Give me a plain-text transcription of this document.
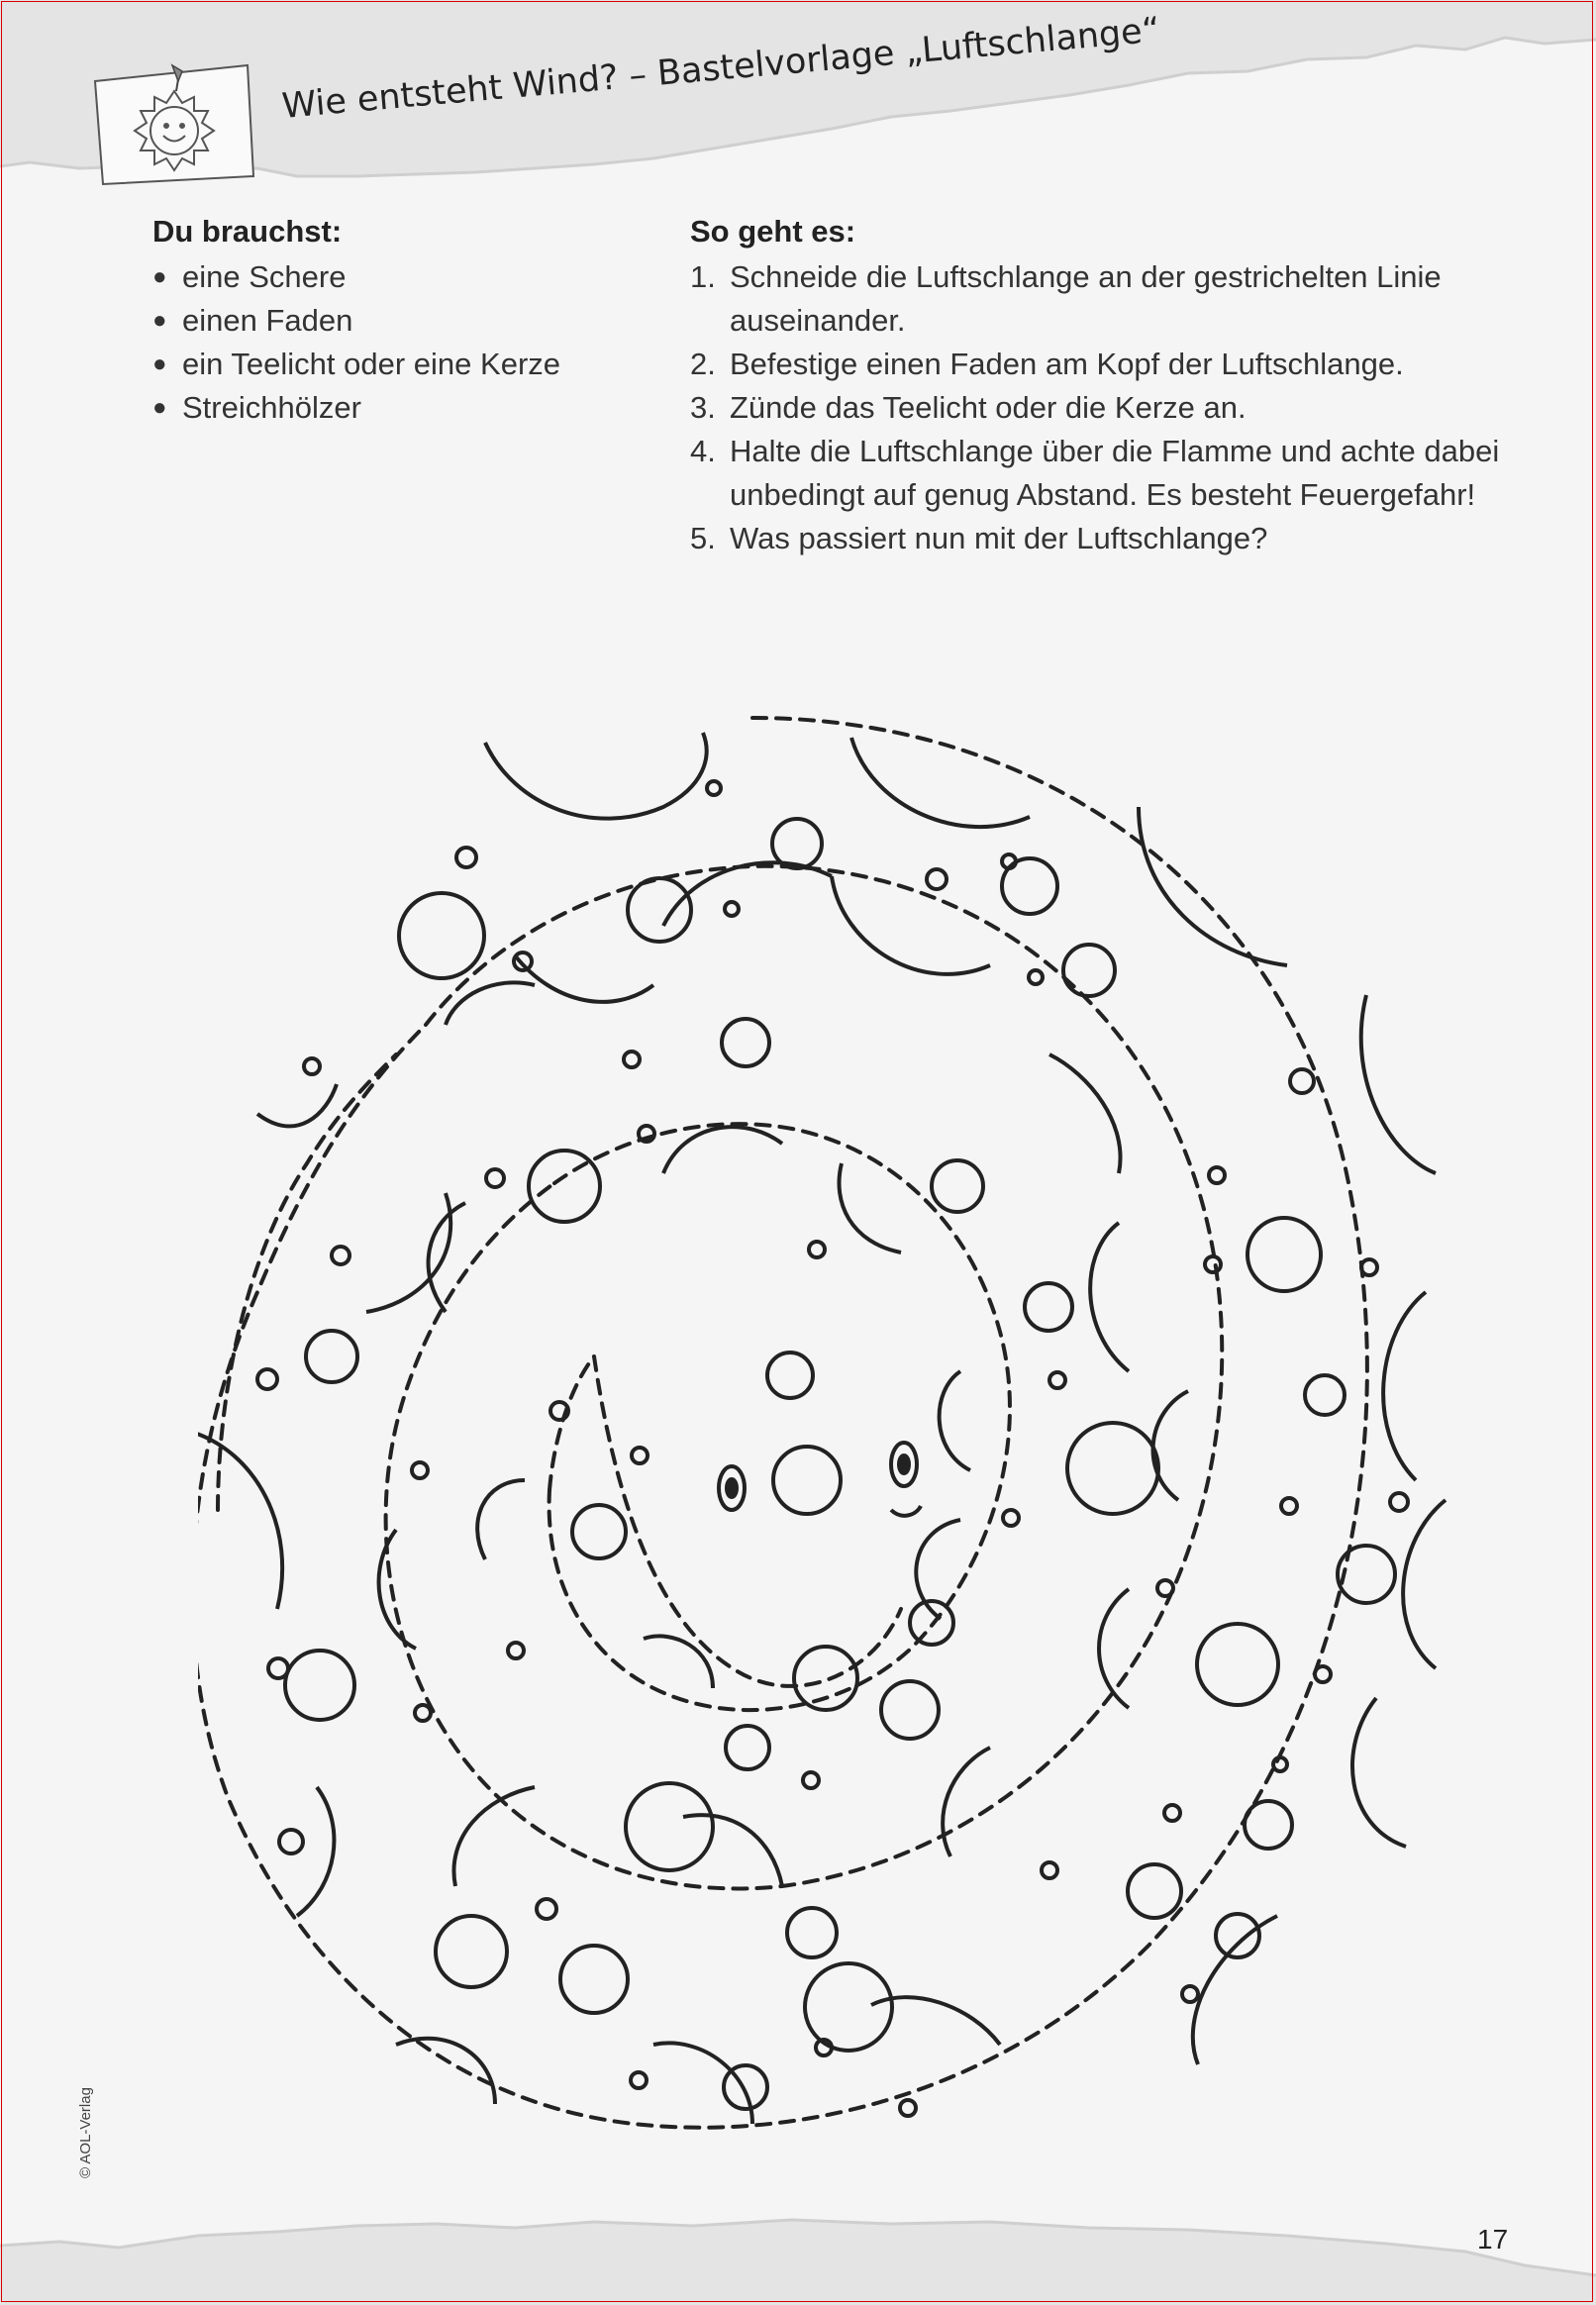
Wie entsteht Wind? – Bastelvorlage „Luftschlange“
Du brauchst:
● eine Schere
● einen Faden
● ein Teelicht oder eine Kerze
● Streichhölzer
So geht es:
1. Schneide die Luftschlange an der gestrichelten Linie auseinander.
2. Befestige einen Faden am Kopf der Luftschlange.
3. Zünde das Teelicht oder die Kerze an.
4. Halte die Luftschlange über die Flamme und achte dabei unbedingt auf genug Abstand. Es besteht Feuergefahr!
5. Was passiert nun mit der Luftschlange?
© AOL-Verlag
17
